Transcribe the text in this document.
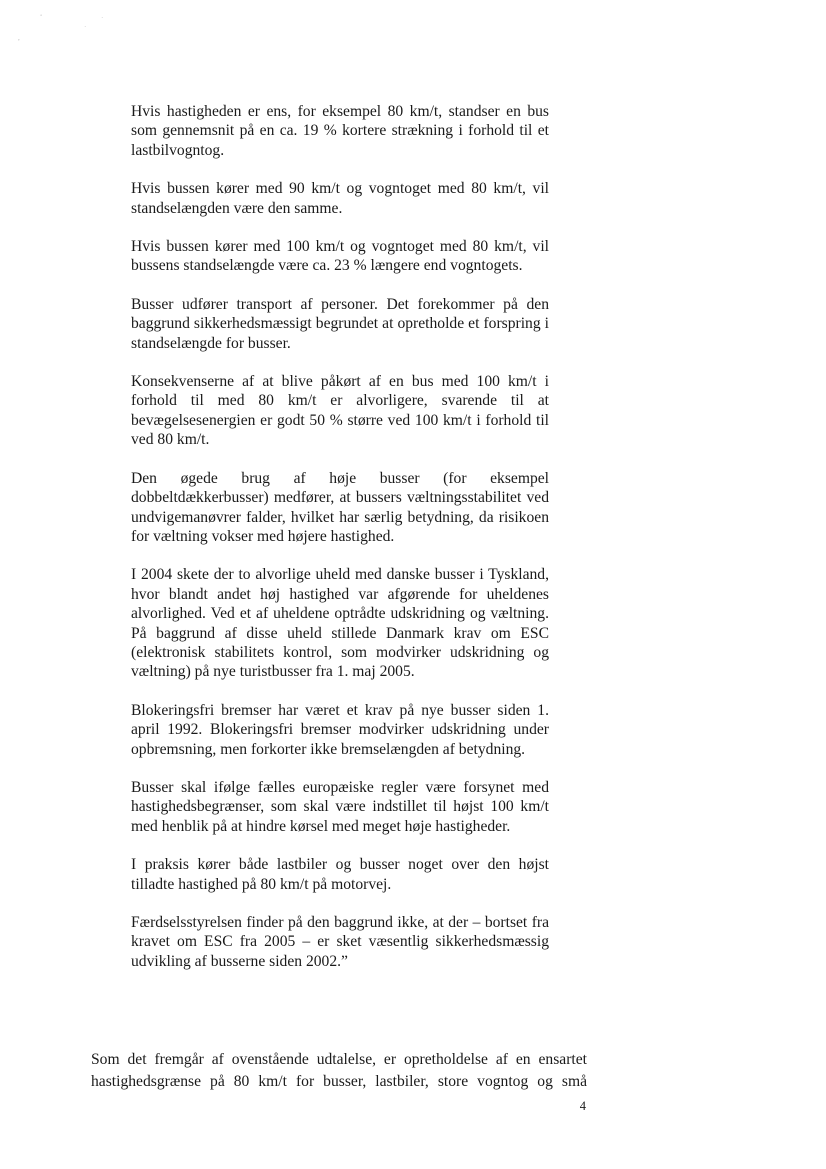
˚	˙
˙
,

Hvis hastigheden er ens, for eksempel 80 km/t, standser en bus som gennemsnit på en ca. 19 % kortere strækning i forhold til et lastbilvogntog.

Hvis bussen kører med 90 km/t og vogntoget med 80 km/t, vil standselængden være den samme.

Hvis bussen kører med 100 km/t og vogntoget med 80 km/t, vil bussens standselængde være ca. 23 % længere end vogntogets.

Busser udfører transport af personer. Det forekommer på den baggrund sikkerhedsmæssigt begrundet at opretholde et forspring i standselængde for busser.

Konsekvenserne af at blive påkørt af en bus med 100 km/t i forhold til med 80 km/t er alvorligere, svarende til at bevægelsesenergien er godt 50 % større ved 100 km/t i forhold til ved 80 km/t.

Den øgede brug af høje busser (for eksempel dobbeltdækkerbusser) medfører, at bussers væltningsstabilitet ved undvigemanøvrer falder, hvilket har særlig betydning, da risikoen for væltning vokser med højere hastighed.

I 2004 skete der to alvorlige uheld med danske busser i Tyskland, hvor blandt andet høj hastighed var afgørende for uheldenes alvorlighed. Ved et af uheldene optrådte udskridning og væltning. På baggrund af disse uheld stillede Danmark krav om ESC (elektronisk stabilitets kontrol, som modvirker udskridning og væltning) på nye turistbusser fra 1. maj 2005.

Blokeringsfri bremser har været et krav på nye busser siden 1. april 1992. Blokeringsfri bremser modvirker udskridning under opbremsning, men forkorter ikke bremselængden af betydning.

Busser skal ifølge fælles europæiske regler være forsynet med hastighedsbegrænser, som skal være indstillet til højst 100 km/t med henblik på at hindre kørsel med meget høje hastigheder.

I praksis kører både lastbiler og busser noget over den højst tilladte hastighed på 80 km/t på motorvej.

Færdselsstyrelsen finder på den baggrund ikke, at der – bortset fra kravet om ESC fra 2005 – er sket væsentlig sikkerhedsmæssig udvikling af busserne siden 2002.”

Som det fremgår af ovenstående udtalelse, er opretholdelse af en ensartet

hastighedsgrænse på 80 km/t for busser, lastbiler, store vogntog og små

4
